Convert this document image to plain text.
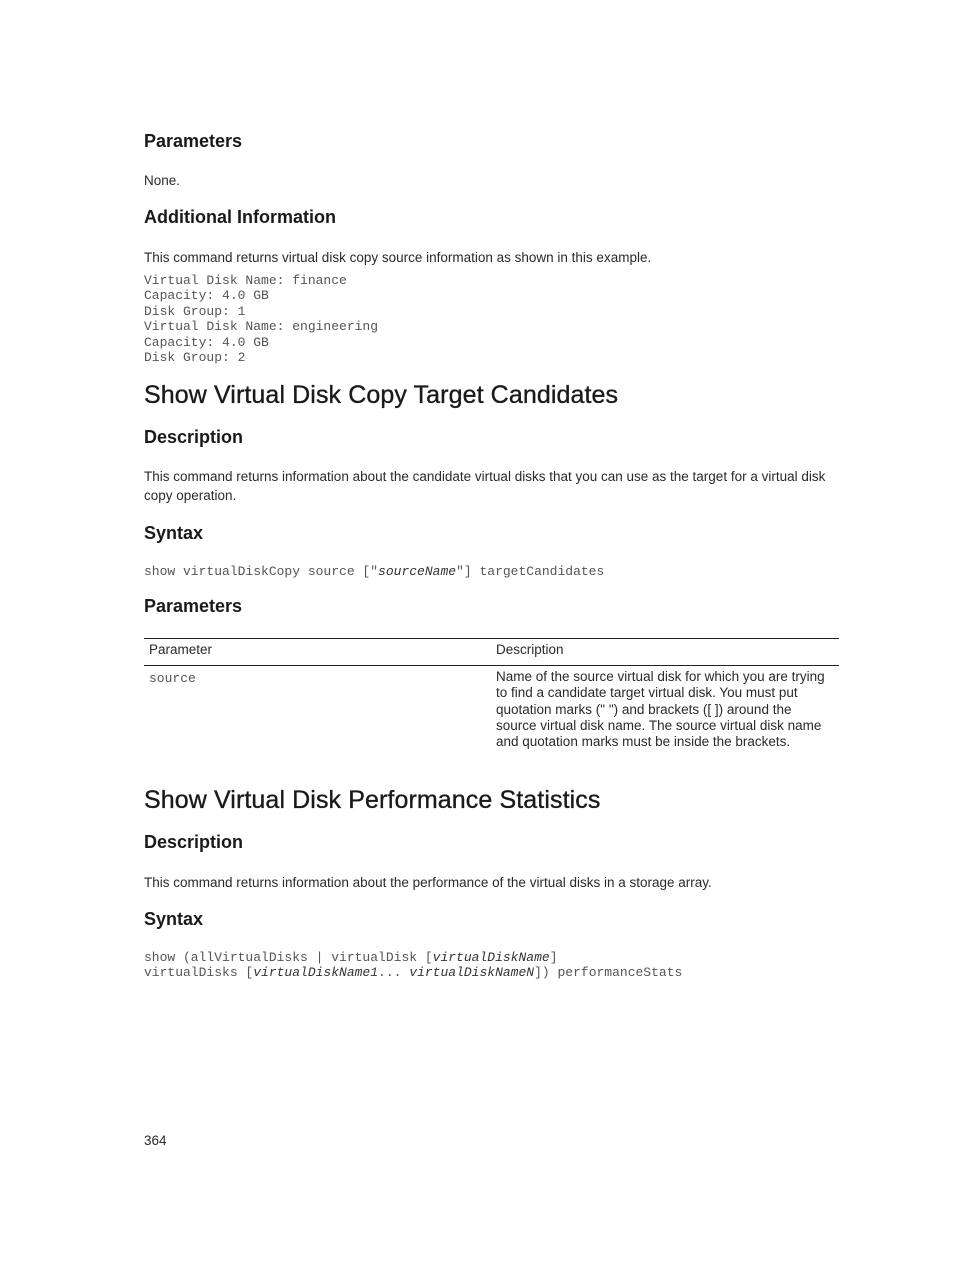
Parameters

None.

Additional Information

This command returns virtual disk copy source information as shown in this example.

Virtual Disk Name: finance
Capacity: 4.0 GB
Disk Group: 1
Virtual Disk Name: engineering
Capacity: 4.0 GB
Disk Group: 2
Show Virtual Disk Copy Target Candidates
Description

This command returns information about the candidate virtual disks that you can use as the target for a virtual disk copy operation.

Syntax
show virtualDiskCopy source ["sourceName"] targetCandidates
Parameters
Parameter	Description
source	Name of the source virtual disk for which you are trying to find a candidate target virtual disk. You must put quotation marks (" ") and brackets ([ ]) around the source virtual disk name. The source virtual disk name and quotation marks must be inside the brackets.
Show Virtual Disk Performance Statistics
Description

This command returns information about the performance of the virtual disks in a storage array.

Syntax
show (allVirtualDisks | virtualDisk [virtualDiskName]
virtualDisks [virtualDiskName1... virtualDiskNameN]) performanceStats
364
